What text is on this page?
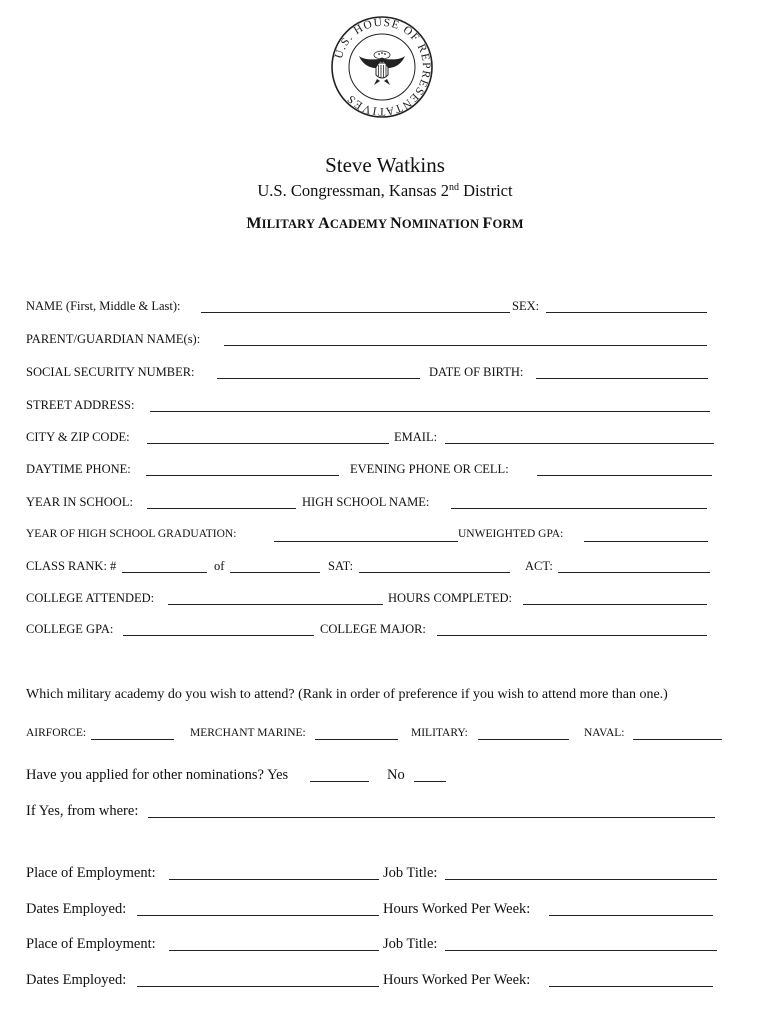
U.S. HOUSE OF REPRESENTATIVES
Steve Watkins
U.S. Congressman, Kansas 2nd District
MILITARY ACADEMY NOMINATION FORM
NAME (First, Middle & Last):	SEX:
PARENT/GUARDIAN NAME(s):
SOCIAL SECURITY NUMBER:	DATE OF BIRTH:
STREET ADDRESS:
CITY & ZIP CODE:	EMAIL:
DAYTIME PHONE:	EVENING PHONE OR CELL:
YEAR IN SCHOOL:	HIGH SCHOOL NAME:
YEAR OF HIGH SCHOOL GRADUATION:	UNWEIGHTED GPA:
CLASS RANK: #	of	SAT:	ACT:
COLLEGE ATTENDED:	HOURS COMPLETED:
COLLEGE GPA:	COLLEGE MAJOR:
Which military academy do you wish to attend? (Rank in order of preference if you wish to attend more than one.)
AIRFORCE:	MERCHANT MARINE:	MILITARY:	NAVAL:
Have you applied for other nominations? Yes	No
If Yes, from where:
Place of Employment:	Job Title:
Dates Employed:	Hours Worked Per Week:
Place of Employment:	Job Title:
Dates Employed:	Hours Worked Per Week:
